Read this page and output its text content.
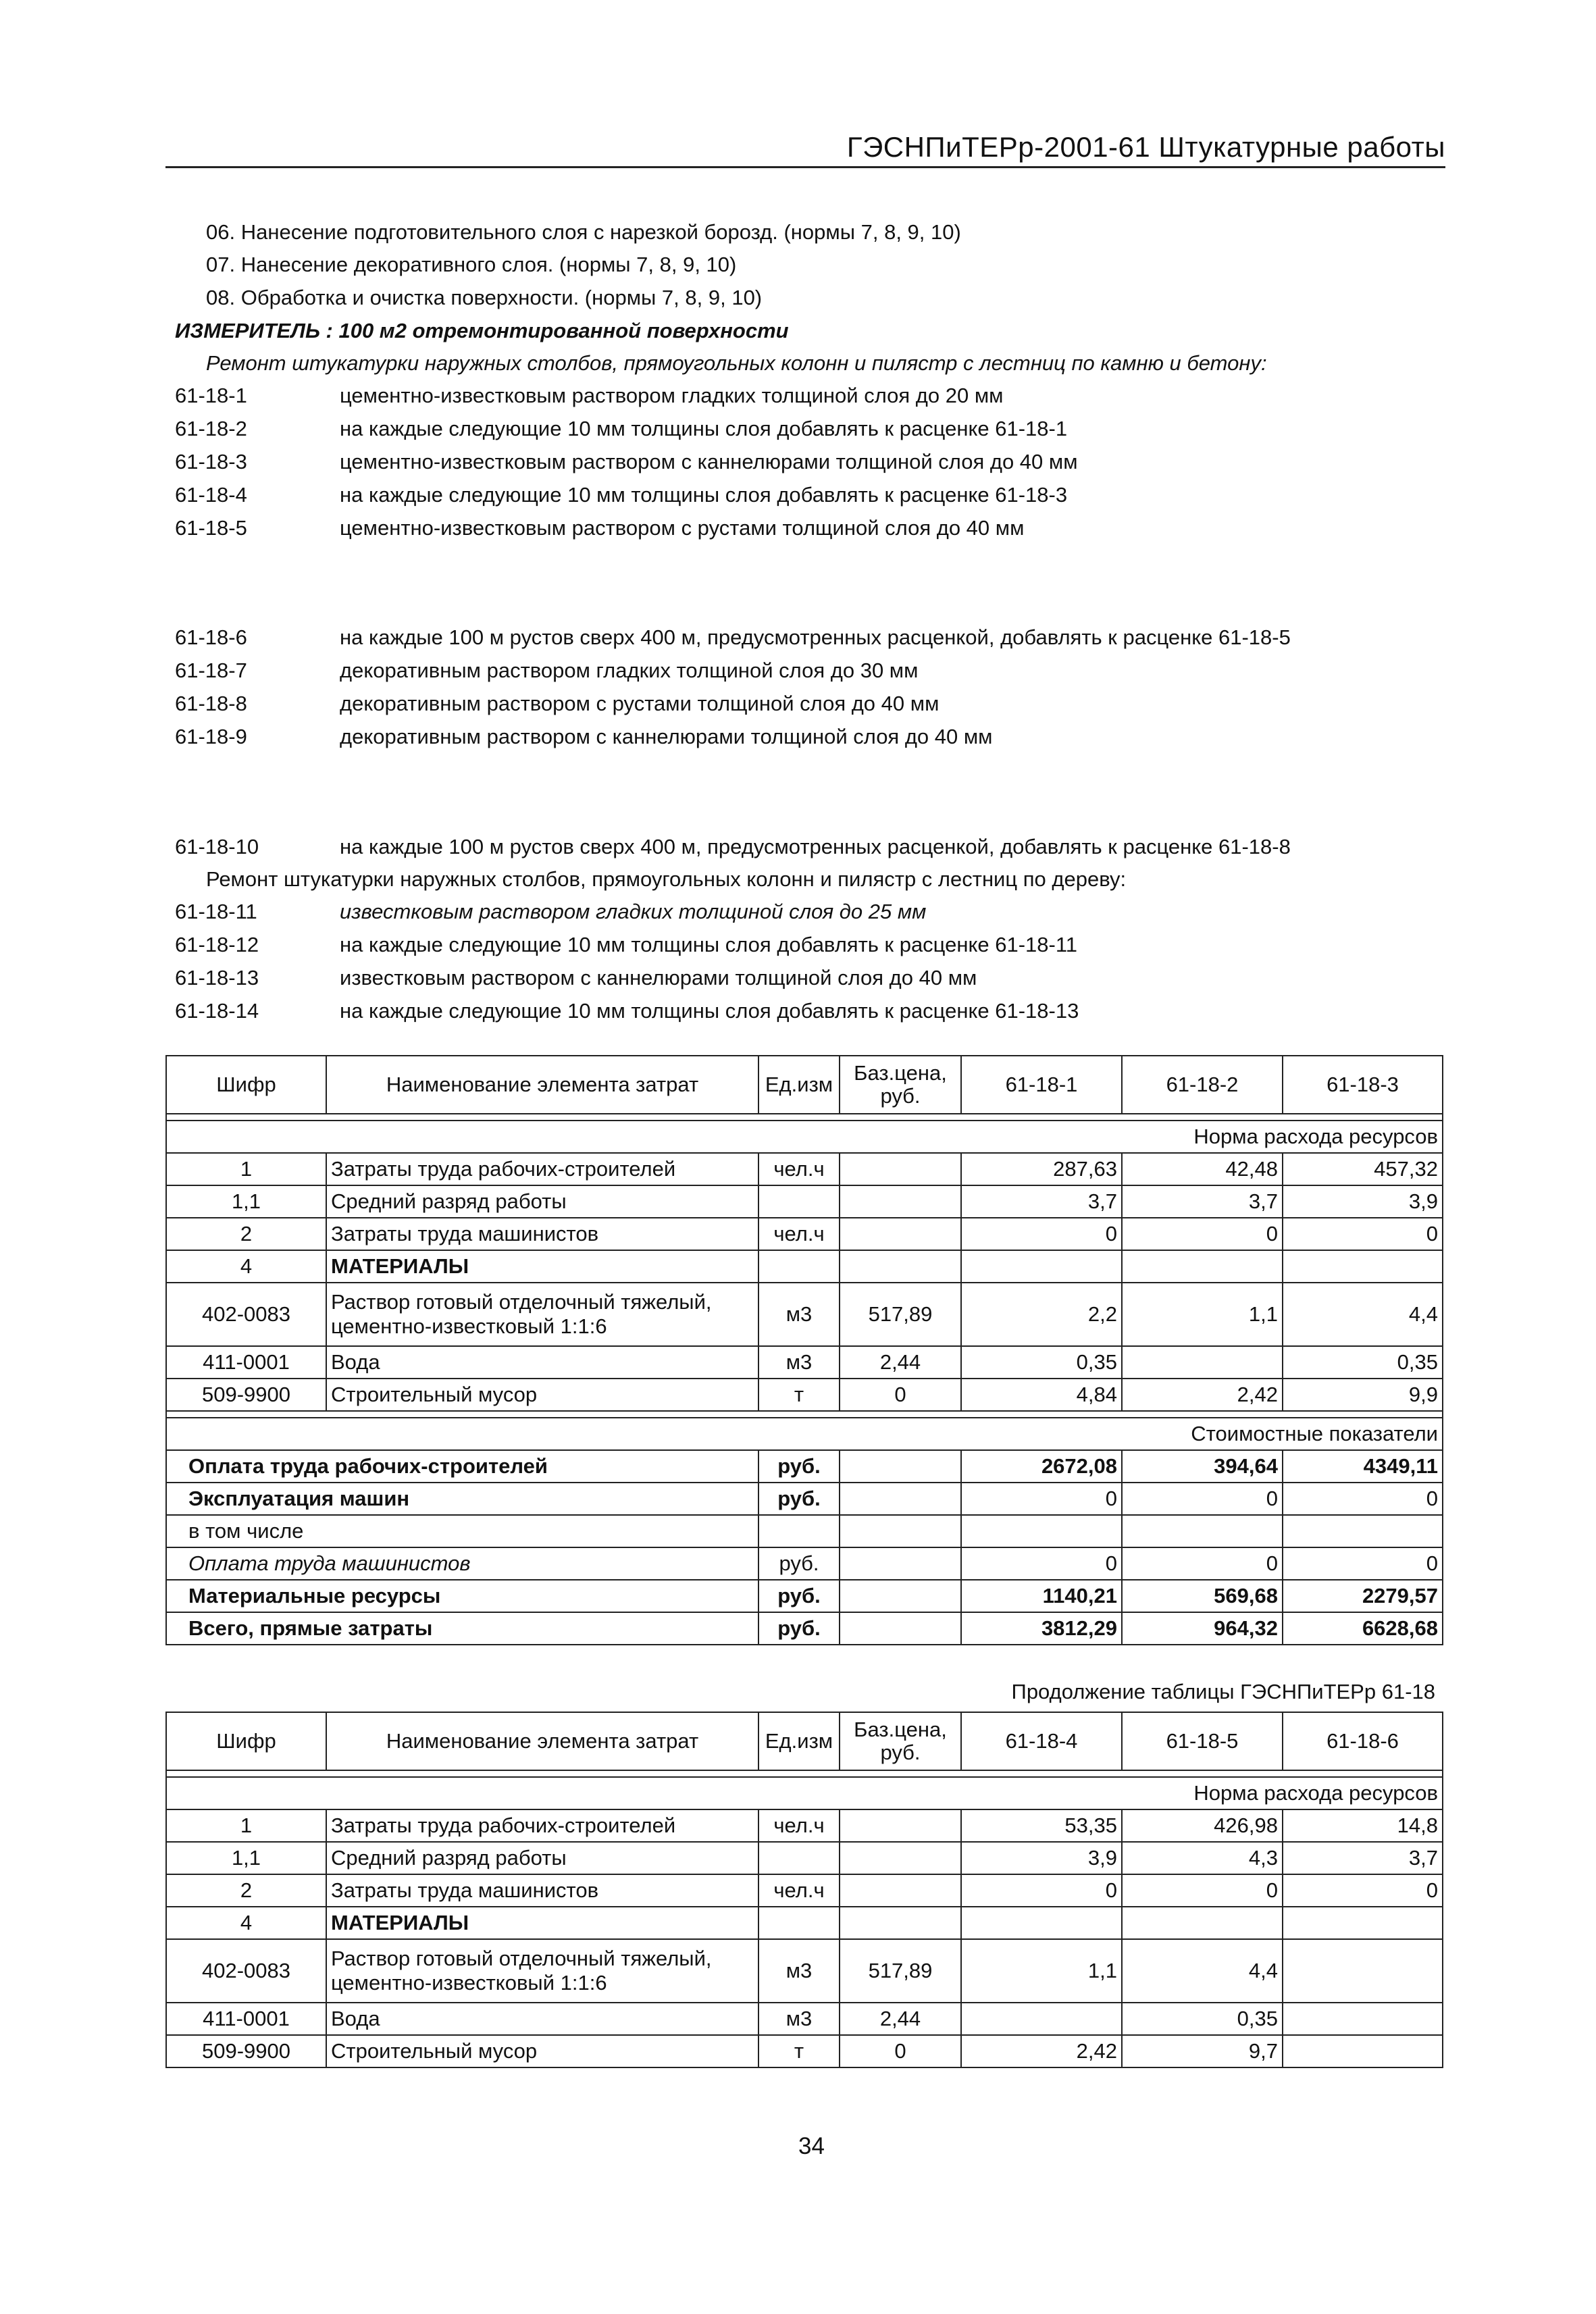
ГЭСНПиТЕРр-2001-61 Штукатурные работы
06. Нанесение подготовительного слоя с нарезкой борозд. (нормы 7, 8, 9, 10)
07. Нанесение декоративного слоя. (нормы 7, 8, 9, 10)
08. Обработка и очистка поверхности. (нормы 7, 8, 9, 10)
ИЗМЕРИТЕЛЬ : 100 м2 отремонтированной поверхности
Ремонт штукатурки наружных столбов, прямоугольных колонн и пилястр с лестниц по камню и бетону:
61-18-1	цементно-известковым раствором гладких толщиной слоя до 20 мм
61-18-2	на каждые следующие 10 мм толщины слоя добавлять к расценке 61-18-1
61-18-3	цементно-известковым раствором с каннелюрами толщиной слоя до 40 мм
61-18-4	на каждые следующие 10 мм толщины слоя добавлять к расценке 61-18-3
61-18-5	цементно-известковым раствором с рустами толщиной слоя до 40 мм
61-18-6	на каждые 100 м рустов сверх 400 м, предусмотренных расценкой, добавлять к расценке 61-18-5
61-18-7	декоративным раствором гладких толщиной слоя до 30 мм
61-18-8	декоративным раствором с рустами толщиной слоя до 40 мм
61-18-9	декоративным раствором с каннелюрами толщиной слоя до 40 мм
61-18-10	на каждые 100 м рустов сверх 400 м, предусмотренных расценкой, добавлять к расценке 61-18-8
Ремонт штукатурки наружных столбов, прямоугольных колонн и пилястр с лестниц по дереву:
61-18-11	известковым раствором гладких толщиной слоя до 25 мм
61-18-12	на каждые следующие 10 мм толщины слоя добавлять к расценке 61-18-11
61-18-13	известковым раствором с каннелюрами толщиной слоя до 40 мм
61-18-14	на каждые следующие 10 мм толщины слоя добавлять к расценке 61-18-13
Шифр	Наименование элемента затрат	Ед.изм	Баз.цена, руб.	61-18-1	61-18-2	61-18-3

Норма расхода ресурсов						
1	Затраты труда рабочих-строителей	чел.ч		287,63	42,48	457,32
1,1	Средний разряд работы			3,7	3,7	3,9
2	Затраты труда машинистов	чел.ч		0	0	0
4	МАТЕРИАЛЫ					
402-0083	Раствор готовый отделочный тяжелый, цементно-известковый 1:1:6	м3	517,89	2,2	1,1	4,4
411-0001	Вода	м3	2,44	0,35		0,35
509-9900	Строительный мусор	т	0	4,84	2,42	9,9

Стоимостные показатели						
Оплата труда рабочих-строителей		руб.		2672,08	394,64	4349,11
Эксплуатация машин		руб.		0	0	0
в том числе						
Оплата труда машинистов		руб.		0	0	0
Материальные ресурсы		руб.		1140,21	569,68	2279,57
Всего, прямые затраты		руб.		3812,29	964,32	6628,68
Продолжение таблицы ГЭСНПиТЕРр 61-18
Шифр	Наименование элемента затрат	Ед.изм	Баз.цена, руб.	61-18-4	61-18-5	61-18-6

Норма расхода ресурсов						
1	Затраты труда рабочих-строителей	чел.ч		53,35	426,98	14,8
1,1	Средний разряд работы			3,9	4,3	3,7
2	Затраты труда машинистов	чел.ч		0	0	0
4	МАТЕРИАЛЫ					
402-0083	Раствор готовый отделочный тяжелый, цементно-известковый 1:1:6	м3	517,89	1,1	4,4	
411-0001	Вода	м3	2,44		0,35	
509-9900	Строительный мусор	т	0	2,42	9,7	
34
